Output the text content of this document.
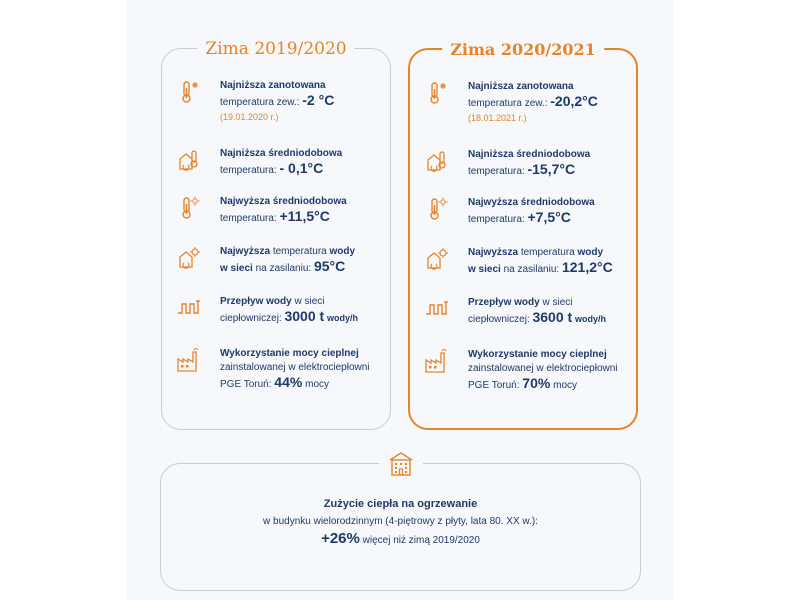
Zima 2019/2020
Najniższa zanotowana
temperatura zew.: -2 °C
(19.01.2020 r.)
Najniższa średniodobowa
temperatura: - 0,1°C
Najwyższa średniodobowa
temperatura: +11,5°C
Najwyższa temperatura wody
w sieci na zasilaniu: 95°C
Przepływ wody w sieci
ciepłowniczej: 3000 t wody/h
Wykorzystanie mocy cieplnej
zainstalowanej w elektrociepłowni
PGE Toruń: 44% mocy
Zima 2020/2021
Najniższa zanotowana
temperatura zew.: -20,2°C
(18.01.2021 r.)
Najniższa średniodobowa
temperatura: -15,7°C
Najwyższa średniodobowa
temperatura: +7,5°C
Najwyższa temperatura wody
w sieci na zasilaniu: 121,2°C
Przepływ wody w sieci
ciepłowniczej: 3600 t wody/h
Wykorzystanie mocy cieplnej
zainstalowanej w elektrociepłowni
PGE Toruń: 70% mocy
Zużycie ciepła na ogrzewanie
w budynku wielorodzinnym (4-piętrowy z płyty, lata 80. XX w.):
+26% więcej niż zimą 2019/2020
